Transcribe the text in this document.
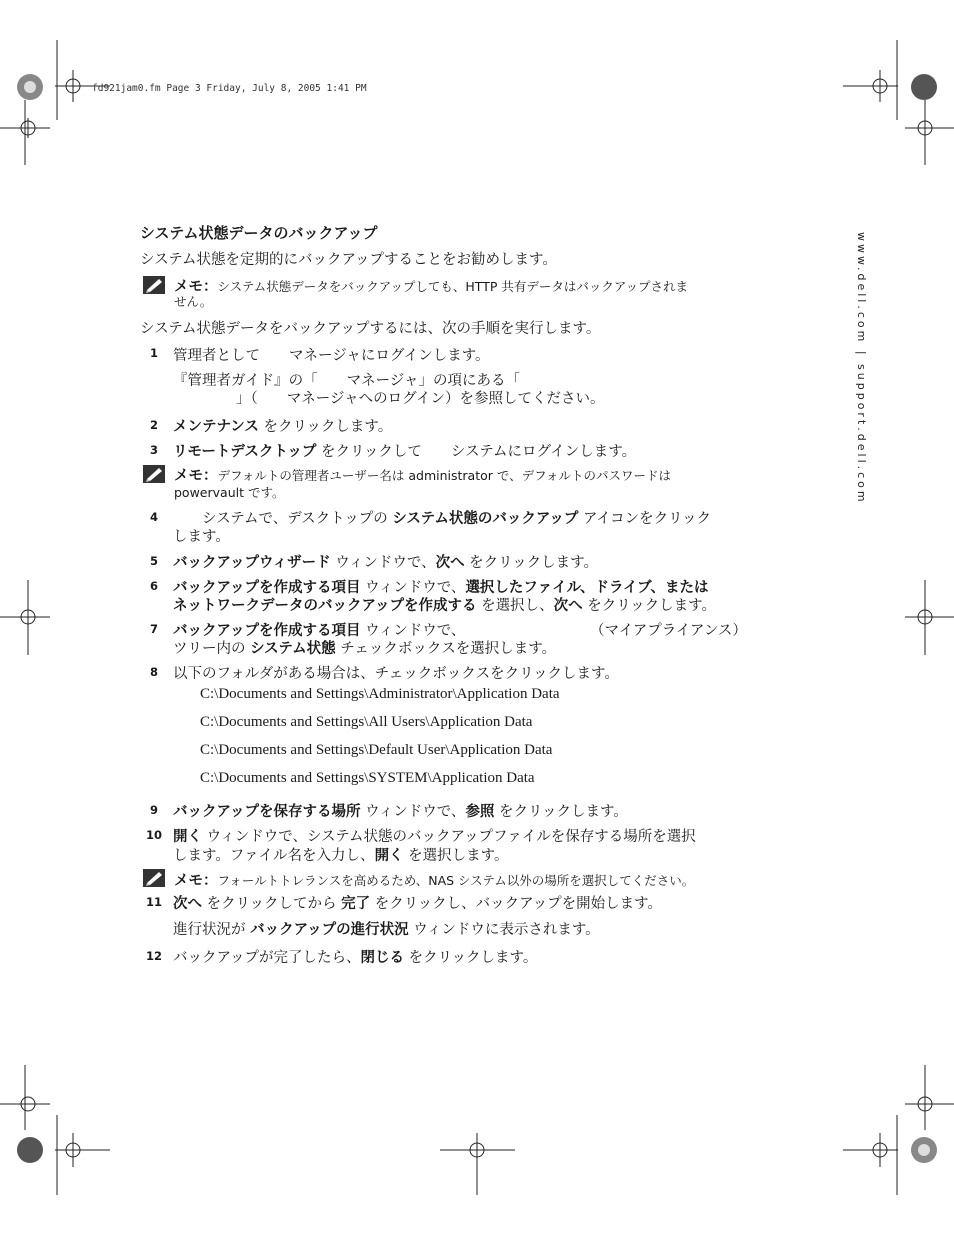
fd921jam0.fm Page 3 Friday, July 8, 2005 1:41 PM
www.dell.com | support.dell.com
システム状態データのバックアップ
システム状態を定期的にバックアップすることをお勧めします。
メモ：システム状態データをバックアップしても、HTTP 共有データはバックアップされま
せん。
システム状態データをバックアップするには、次の手順を実行します。
1 管理者として　　マネージャにログインします。
『管理者ガイド』の「　　マネージャ」の項にある「
」（　　マネージャへのログイン）を参照してください。
2 メンテナンス をクリックします。
3 リモートデスクトップ をクリックして　　システムにログインします。
メモ：デフォルトの管理者ユーザー名は administrator で、デフォルトのパスワードは
powervault です。
4 　　システムで、デスクトップの システム状態のバックアップ アイコンをクリック
します。
5 バックアップウィザード ウィンドウで、次へ をクリックします。
6 バックアップを作成する項目 ウィンドウで、選択したファイル、ドライブ、または
ネットワークデータのバックアップを作成する を選択し、次へ をクリックします。
7 バックアップを作成する項目 ウィンドウで、	（マイアプライアンス）
ツリー内の システム状態 チェックボックスを選択します。
8 以下のフォルダがある場合は、チェックボックスをクリックします。
C:\Documents and Settings\Administrator\Application Data
C:\Documents and Settings\All Users\Application Data
C:\Documents and Settings\Default User\Application Data
C:\Documents and Settings\SYSTEM\Application Data
9 バックアップを保存する場所 ウィンドウで、参照 をクリックします。
10 開く ウィンドウで、システム状態のバックアップファイルを保存する場所を選択
します。ファイル名を入力し、開く を選択します。
メモ：フォールトトレランスを高めるため、NAS システム以外の場所を選択してください。
11 次へ をクリックしてから 完了 をクリックし、バックアップを開始します。
進行状況が バックアップの進行状況 ウィンドウに表示されます。
12 バックアップが完了したら、閉じる をクリックします。
